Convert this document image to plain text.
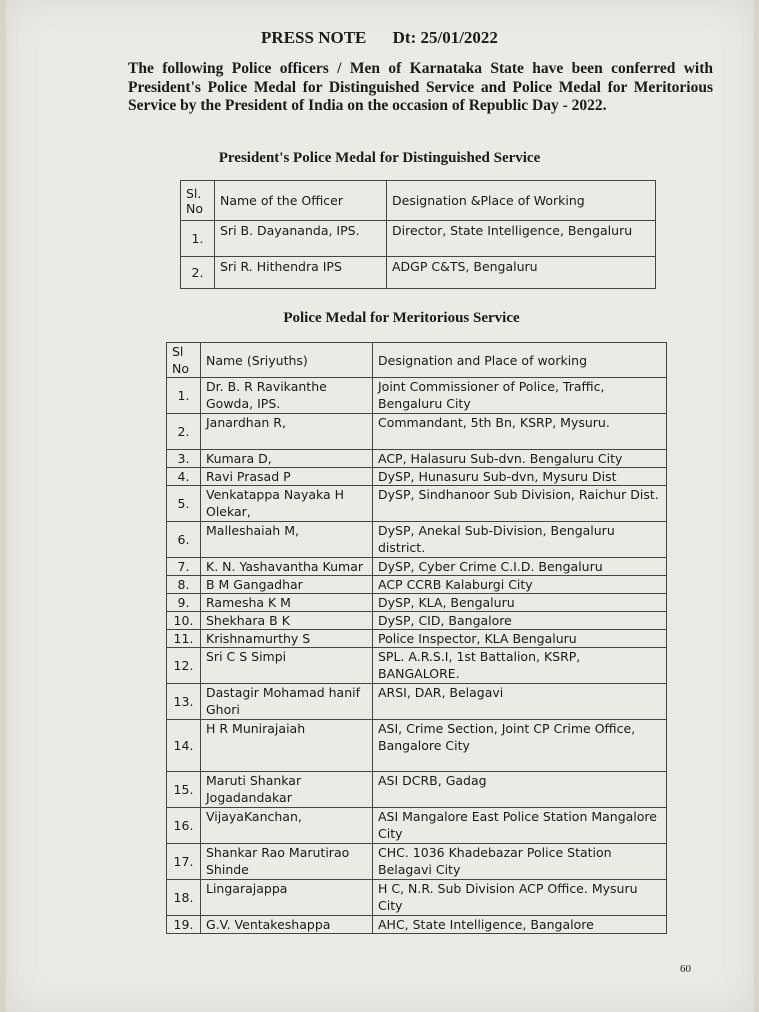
PRESS NOTE Dt: 25/01/2022
The following Police officers / Men of Karnataka State have been conferred with President's Police Medal for Distinguished Service and Police Medal for Meritorious Service by the President of India on the occasion of Republic Day - 2022.
President's Police Medal for Distinguished Service
Sl. No	Name of the Officer	Designation &Place of Working
1.	Sri B. Dayananda, IPS.	Director, State Intelligence, Bengaluru
2.	Sri R. Hithendra IPS	ADGP C&TS, Bengaluru
Police Medal for Meritorious Service
Sl No	Name (Sriyuths)	Designation and Place of working
1.	Dr. B. R Ravikanthe Gowda, IPS.	Joint Commissioner of Police, Traffic, Bengaluru City
2.	Janardhan R,	Commandant, 5th Bn, KSRP, Mysuru.
3.	Kumara D,	ACP, Halasuru Sub-dvn. Bengaluru City
4.	Ravi Prasad P	DySP, Hunasuru Sub-dvn, Mysuru Dist
5.	Venkatappa Nayaka H Olekar,	DySP, Sindhanoor Sub Division, Raichur Dist.
6.	Malleshaiah M,	DySP, Anekal Sub-Division, Bengaluru district.
7.	K. N. Yashavantha Kumar	DySP, Cyber Crime C.I.D. Bengaluru
8.	B M Gangadhar	ACP CCRB Kalaburgi City
9.	Ramesha K M	DySP, KLA, Bengaluru
10.	Shekhara B K	DySP, CID, Bangalore
11.	Krishnamurthy S	Police Inspector, KLA Bengaluru
12.	Sri C S Simpi	SPL. A.R.S.I, 1st Battalion, KSRP, BANGALORE.
13.	Dastagir Mohamad hanif Ghori	ARSI, DAR, Belagavi
14.	H R Munirajaiah	ASI, Crime Section, Joint CP Crime Office, Bangalore City
15.	Maruti Shankar Jogadandakar	ASI DCRB, Gadag
16.	VijayaKanchan,	ASI Mangalore East Police Station Mangalore City
17.	Shankar Rao Marutirao Shinde	CHC. 1036 Khadebazar Police Station Belagavi City
18.	Lingarajappa	H C, N.R. Sub Division ACP Office. Mysuru City
19.	G.V. Ventakeshappa	AHC, State Intelligence, Bangalore
60
